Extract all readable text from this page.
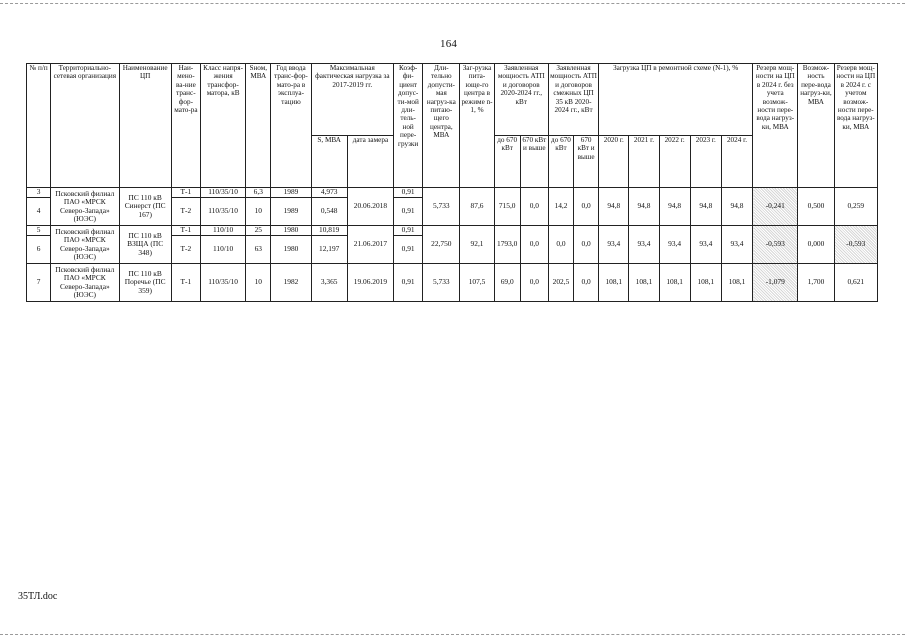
164
№ п/п	Территориально-сетевая организация	Наименование ЦП	Наи-мено-ва-ние транс-фор-мато-ра	Класс напря-жения трансфор-матора, кВ	Sном, МВА	Год ввода транс-фор-мато-ра в эксплуа-тацию	Максимальная фактическая нагрузка за 2017-2019 гг.		Коэф-фи-циент допус-ти-мой дли-тель-ной пере-грузки	Дли-тельно допусти-мая нагруз-ка питаю-щего центра, МВА	Заг-рузка пита-юще-го центра в режиме n-1, %	Заявленная мощность АТП и договоров 2020-2024 гг., кВт		Заявленная мощность АТП и договоров смежных ЦП 35 кВ 2020-2024 гг., кВт		Загрузка ЦП в ремонтной схеме (N-1), %					Резерв мощ-ности на ЦП в 2024 г. без учета возмож-ности пере-вода нагруз-ки, МВА	Возмож-ность пере-вода нагруз-ки, МВА	Резерв мощ-ности на ЦП в 2024 г. с учетом возмож-ности пере-вода нагруз-ки, МВА
							S, МВА	дата замера				до 670 кВт	670 кВт и выше	до 670 кВт	670 кВт и выше	2020 г.	2021 г.	2022 г.	2023 г.	2024 г.			
3	Псковский филиал ПАО «МРСК Северо-Запада» (ЮЭС)	ПС 110 кВ Синерст (ПС 167)	Т-1	110/35/10	6,3	1989	4,973	20.06.2018	0,91	5,733	87,6	715,0	0,0	14,2	0,0	94,8	94,8	94,8	94,8	94,8	-0,241	0,500	0,259
4			Т-2	110/35/10	10	1989	0,548		0,91														
5	Псковский филиал ПАО «МРСК Северо-Запада» (ЮЭС)	ПС 110 кВ ВЗЩА (ПС 348)	Т-1	110/10	25	1980	10,819	21.06.2017	0,91	22,750	92,1	1793,0	0,0	0,0	0,0	93,4	93,4	93,4	93,4	93,4	-0,593	0,000	-0,593
6			Т-2	110/10	63	1980	12,197		0,91														
7	Псковский филиал ПАО «МРСК Северо-Запада» (ЮЭС)	ПС 110 кВ Поречье (ПС 359)	Т-1	110/35/10	10	1982	3,365	19.06.2019	0,91	5,733	107,5	69,0	0,0	202,5	0,0	108,1	108,1	108,1	108,1	108,1	-1,079	1,700	0,621
35ТЛ.doc
